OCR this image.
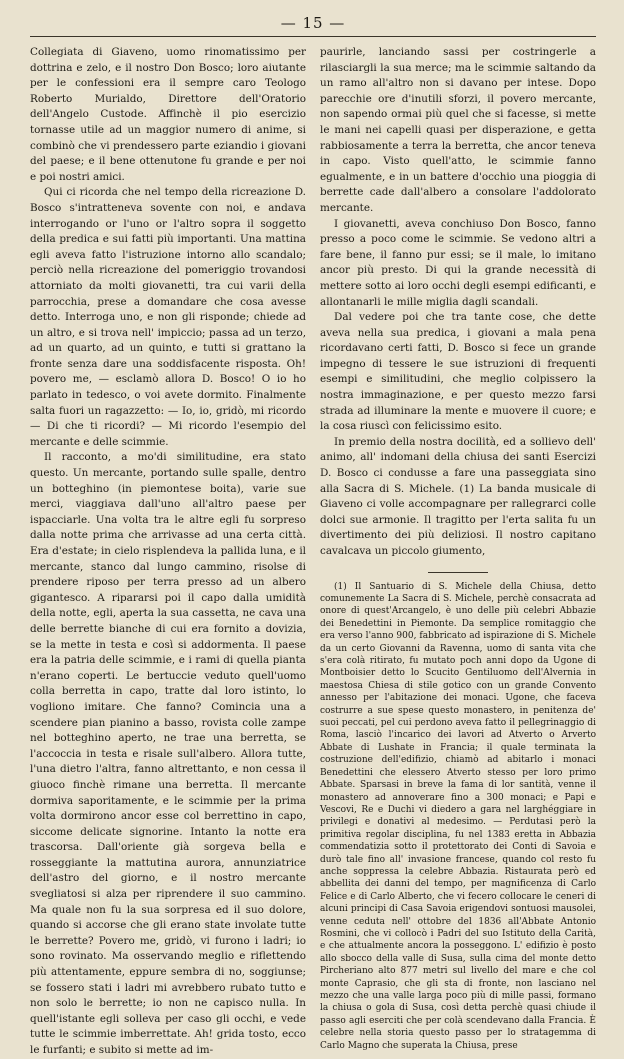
— 15 —

Collegiata di Giaveno, uomo rinomatissimo per dottrina e zelo, e il nostro Don Bosco; loro aiutante per le confessioni era il sempre caro Teologo Roberto Murialdo, Direttore dell'Oratorio dell'Angelo Custode. Affinchè il pio esercizio tornasse utile ad un maggior numero di anime, si combinò che vi prendessero parte eziandio i giovani del paese; e il bene ottenutone fu grande e per noi e poi nostri amici.

Qui ci ricorda che nel tempo della ricreazione D. Bosco s'intratteneva sovente con noi, e andava interrogando or l'uno or l'altro sopra il soggetto della predica e sui fatti più importanti. Una mattina egli aveva fatto l'istruzione intorno allo scandalo; perciò nella ricreazione del pomeriggio trovandosi attorniato da molti giovanetti, tra cui varii della parrocchia, prese a domandare che cosa avesse detto. Interroga uno, e non gli risponde; chiede ad un altro, e si trova nell' impiccio; passa ad un terzo, ad un quarto, ad un quinto, e tutti si grattano la fronte senza dare una soddisfacente risposta. Oh! povero me, — esclamò allora D. Bosco! O io ho parlato in tedesco, o voi avete dormito. Finalmente salta fuori un ragazzetto: — Io, io, gridò, mi ricordo — Di che ti ricordi? — Mi ricordo l'esempio del mercante e delle scimmie.

Il racconto, a mo'di similitudine, era stato questo. Un mercante, portando sulle spalle, dentro un botteghino (in piemontese boita), varie sue merci, viaggiava dall'uno all'altro paese per ispacciarle. Una volta tra le altre egli fu sorpreso dalla notte prima che arrivasse ad una certa città. Era d'estate; in cielo risplendeva la pallida luna, e il mercante, stanco dal lungo cammino, risolse di prendere riposo per terra presso ad un albero gigantesco. A ripararsi poi il capo dalla umidità della notte, egli, aperta la sua cassetta, ne cava una delle berrette bianche di cui era fornito a dovizia, se la mette in testa e così si addormenta. Il paese era la patria delle scimmie, e i rami di quella pianta n'erano coperti. Le bertuccie veduto quell'uomo colla berretta in capo, tratte dal loro istinto, lo vogliono imitare. Che fanno? Comincia una a scendere pian pianino a basso, rovista colle zampe nel botteghino aperto, ne trae una berretta, se l'accoccia in testa e risale sull'albero. Allora tutte, l'una dietro l'altra, fanno altrettanto, e non cessa il giuoco finchè rimane una berretta. Il mercante dormiva saporitamente, e le scimmie per la prima volta dormirono ancor esse col berrettino in capo, siccome delicate signorine. Intanto la notte era trascorsa. Dall'oriente già sorgeva bella e rosseggiante la mattutina aurora, annunziatrice dell'astro del giorno, e il nostro mercante svegliatosi si alza per riprendere il suo cammino. Ma quale non fu la sua sorpresa ed il suo dolore, quando si accorse che gli erano state involate tutte le berrette? Povero me, gridò, vi furono i ladri; io sono rovinato. Ma osservando meglio e riflettendo più attentamente, eppure sembra di no, soggiunse; se fossero stati i ladri mi avrebbero rubato tutto e non solo le berrette; io non ne capisco nulla. In quell'istante egli solleva per caso gli occhi, e vede tutte le scimmie imberrettate. Ah! grida tosto, ecco le furfanti; e subito si mette ad im-

paurirle, lanciando sassi per costringerle a rilasciargli la sua merce; ma le scimmie saltando da un ramo all'altro non si davano per intese. Dopo parecchie ore d'inutili sforzi, il povero mercante, non sapendo ormai più quel che si facesse, si mette le mani nei capelli quasi per disperazione, e getta rabbiosamente a terra la berretta, che ancor teneva in capo. Visto quell'atto, le scimmie fanno egualmente, e in un battere d'occhio una pioggia di berrette cade dall'albero a consolare l'addolorato mercante.

I giovanetti, aveva conchiuso Don Bosco, fanno presso a poco come le scimmie. Se vedono altri a fare bene, il fanno pur essi; se il male, lo imitano ancor più presto. Di qui la grande necessità di mettere sotto ai loro occhi degli esempi edificanti, e allontanarli le mille miglia dagli scandali.

Dal vedere poi che tra tante cose, che dette aveva nella sua predica, i giovani a mala pena ricordavano certi fatti, D. Bosco si fece un grande impegno di tessere le sue istruzioni di frequenti esempi e similitudini, che meglio colpissero la nostra immaginazione, e per questo mezzo farsi strada ad illuminare la mente e muovere il cuore; e la cosa riuscì con felicissimo esito.

In premio della nostra docilità, ed a sollievo dell' animo, all' indomani della chiusa dei santi Esercizi D. Bosco ci condusse a fare una passeggiata sino alla Sacra di S. Michele. (1) La banda musicale di Giaveno ci volle accompagnare per rallegrarci colle dolci sue armonie. Il tragitto per l'erta salita fu un divertimento dei più deliziosi. Il nostro capitano cavalcava un piccolo giumento,

(1) Il Santuario di S. Michele della Chiusa, detto comunemente La Sacra di S. Michele, perchè consacrata ad onore di quest'Arcangelo, è uno delle più celebri Abbazie dei Benedettini in Piemonte. Da semplice romitaggio che era verso l'anno 900, fabbricato ad ispirazione di S. Michele da un certo Giovanni da Ravenna, uomo di santa vita che s'era colà ritirato, fu mutato poch anni dopo da Ugone di Montboisier detto lo Scucito Gentiluomo dell'Alvernia in maestosa Chiesa di stile gotico con un grande Convento annesso per l'abitazione dei monaci. Ugone, che faceva costrurre a sue spese questo monastero, in penitenza de' suoi peccati, pel cui perdono aveva fatto il pellegrinaggio di Roma, lasciò l'incarico dei lavori ad Atverto o Arverto Abbate di Lushate in Francia; il quale terminata la costruzione dell'edifizio, chiamò ad abitarlo i monaci Benedettini che elessero Atverto stesso per loro primo Abbate. Sparsasi in breve la fama di lor santità, venne il monastero ad annoverare fino a 300 monaci; e Papi e Vescovi, Re e Duchi vi diedero a gara nel larghéggiare in privilegi e donativi al medesimo. — Perdutasi però la primitiva regolar disciplina, fu nel 1383 eretta in Abbazia commendatizia sotto il protettorato dei Conti di Savoia e durò tale fino all' invasione francese, quando col resto fu anche soppressa la celebre Abbazia. Ristaurata però ed abbellita dei danni del tempo, per magnificenza di Carlo Felice e di Carlo Alberto, che vi fecero collocare le ceneri di alcuni principi di Casa Savoia erigendovi sontuosi mausolei, venne ceduta nell' ottobre del 1836 all'Abbate Antonio Rosmini, che vi collocò i Padri del suo Istituto della Carità, e che attualmente ancora la posseggono. L' edifizio è posto allo sbocco della valle di Susa, sulla cima del monte detto Pircheriano alto 877 metri sul livello del mare e che col monte Caprasio, che gli sta di fronte, non lasciano nel mezzo che una valle larga poco più di mille passi, formano la chiusa o gola di Susa, così detta perchè quasi chiude il passo agli eserciti che per colà scendevano dalla Francia. È celebre nella storia questo passo per lo stratagemma di Carlo Magno che superata la Chiusa, prese
